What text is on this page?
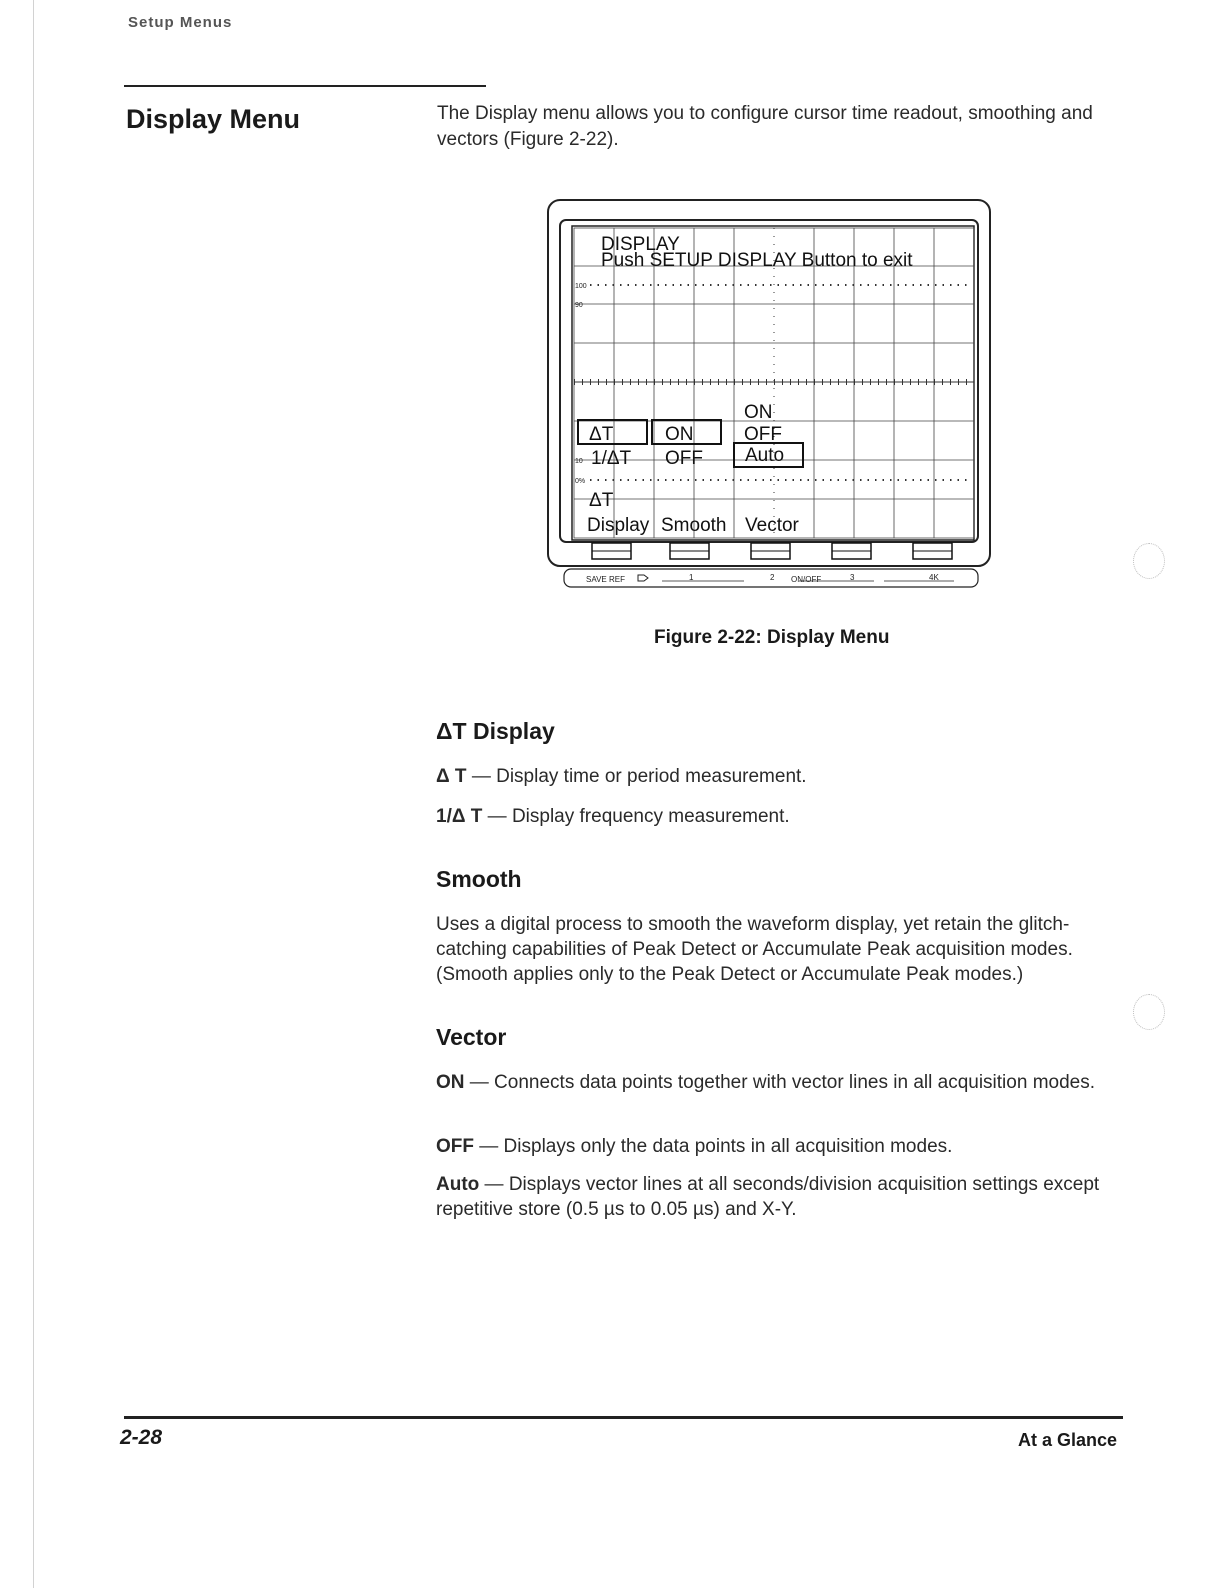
Setup Menus
Display Menu	The Display menu allows you to configure cursor time readout, smoothing and vectors (Figure 2-22).

100
90
10
0%
DISPLAY
Push SETUP DISPLAY Button to exit
ΔT
1/ΔT
ΔT
ON
OFF
ON
OFF
Auto
Display Smooth Vector
SAVE REF	1	2 ON/OFF	3	4K

Figure 2-22: Display Menu

ΔT Display

Δ T — Display time or period measurement.

1/Δ T — Display frequency measurement.

Smooth

Uses a digital process to smooth the waveform display, yet retain the glitch-catching capabilities of Peak Detect or Accumulate Peak acquisition modes. (Smooth applies only to the Peak Detect or Accumulate Peak modes.)

Vector

ON — Connects data points together with vector lines in all acquisition modes.

OFF — Displays only the data points in all acquisition modes.

Auto — Displays vector lines at all seconds/division acquisition settings except repetitive store (0.5 µs to 0.05 µs) and X-Y.

2-28	At a Glance
